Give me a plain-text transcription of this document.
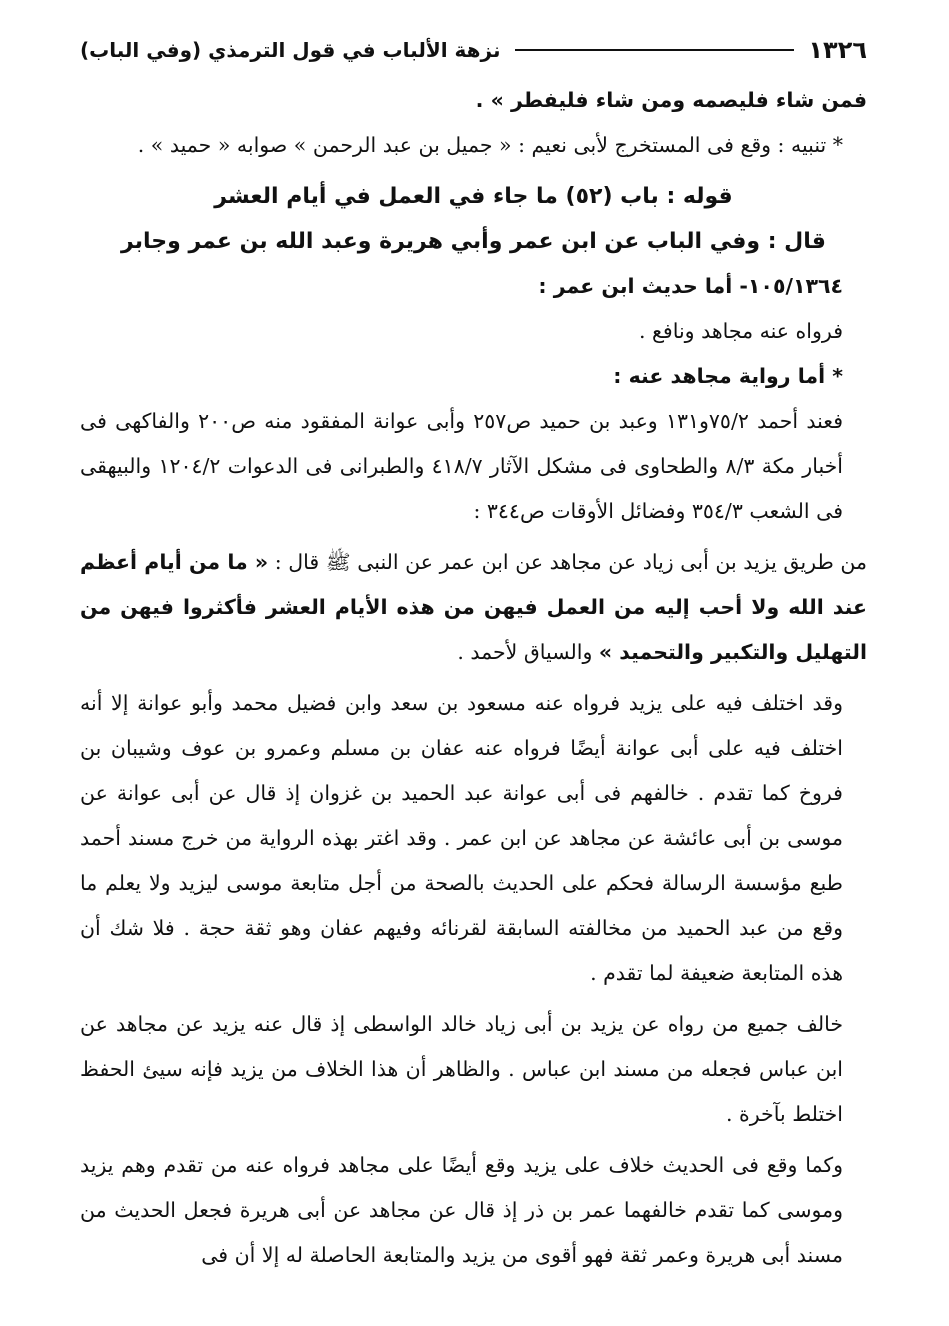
١٣٢٦
نزهة الألباب في قول الترمذي (وفي الباب)

فمن شاء فليصمه ومن شاء فليفطر » .

* تنبيه : وقع فى المستخرج لأبى نعيم : « جميل بن عبد الرحمن » صوابه « حميد » .

قوله : باب (٥٢) ما جاء في العمل في أيام العشر

قال : وفي الباب عن ابن عمر وأبي هريرة وعبد الله بن عمر وجابر

١٠٥/١٣٦٤- أما حديث ابن عمر :

فرواه عنه مجاهد ونافع .

* أما رواية مجاهد عنه :

فعند أحمد ٧٥/٢و١٣١ وعبد بن حميد ص٢٥٧ وأبى عوانة المفقود منه ص٢٠٠ والفاكهى فى أخبار مكة ٨/٣ والطحاوى فى مشكل الآثار ٤١٨/٧ والطبرانى فى الدعوات ١٢٠٤/٢ والبيهقى فى الشعب ٣٥٤/٣ وفضائل الأوقات ص٣٤٤ :

من طريق يزيد بن أبى زياد عن مجاهد عن ابن عمر عن النبى ﷺ قال : « ما من أيام أعظم عند الله ولا أحب إليه من العمل فيهن من هذه الأيام العشر فأكثروا فيهن من التهليل والتكبير والتحميد » والسياق لأحمد .

وقد اختلف فيه على يزيد فرواه عنه مسعود بن سعد وابن فضيل محمد وأبو عوانة إلا أنه اختلف فيه على أبى عوانة أيضًا فرواه عنه عفان بن مسلم وعمرو بن عوف وشيبان بن فروخ كما تقدم . خالفهم فى أبى عوانة عبد الحميد بن غزوان إذ قال عن أبى عوانة عن موسى بن أبى عائشة عن مجاهد عن ابن عمر . وقد اغتر بهذه الرواية من خرج مسند أحمد طبع مؤسسة الرسالة فحكم على الحديث بالصحة من أجل متابعة موسى ليزيد ولا يعلم ما وقع من عبد الحميد من مخالفته السابقة لقرنائه وفيهم عفان وهو ثقة حجة . فلا شك أن هذه المتابعة ضعيفة لما تقدم .

خالف جميع من رواه عن يزيد بن أبى زياد خالد الواسطى إذ قال عنه يزيد عن مجاهد عن ابن عباس فجعله من مسند ابن عباس . والظاهر أن هذا الخلاف من يزيد فإنه سيئ الحفظ اختلط بآخرة .

وكما وقع فى الحديث خلاف على يزيد وقع أيضًا على مجاهد فرواه عنه من تقدم وهم يزيد وموسى كما تقدم خالفهما عمر بن ذر إذ قال عن مجاهد عن أبى هريرة فجعل الحديث من مسند أبى هريرة وعمر ثقة فهو أقوى من يزيد والمتابعة الحاصلة له إلا أن فى
